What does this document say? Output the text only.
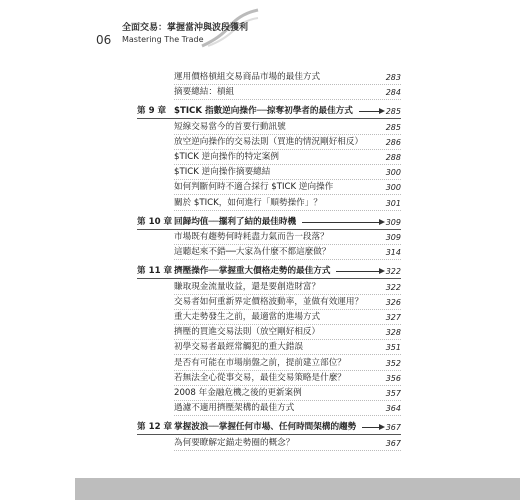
06
全面交易：掌握當沖與波段獲利
Mastering The Trade
運用價格槓組交易商品市場的最佳方式	283
摘要總結：槓組	284
第 9 章 $TICK 指數逆向操作──掠奪初學者的最佳方式	285
短線交易當今的首要行動訊號	285
放空逆向操作的交易法則（買進的情況剛好相反）	286
$TICK 逆向操作的特定案例	288
$TICK 逆向操作摘要總結	300
如何判斷何時不適合採行 $TICK 逆向操作	300
關於 $TICK，如何進行「順勢操作」？	301
第 10 章 回歸均值──擺利了結的最佳時機	309
市場既有趨勢何時耗盡力氣而告一段落？	309
這聽起來不錯──大家為什麼不都這麼做？	314
第 11 章 擠壓操作──掌握重大價格走勢的最佳方式	322
賺取現金流量收益，還是要創造財富？	322
交易者如何重新界定價格波動率，並做有效運用？	326
重大走勢發生之前，最適當的進場方式	327
擠壓的買進交易法則（放空剛好相反）	328
初學交易者最經常觸犯的重大錯誤	351
是否有可能在市場崩盤之前，提前建立部位？	352
若無法全心從事交易，最佳交易策略是什麼？	356
2008 年金融危機之後的更新案例	357
過濾不適用擠壓架構的最佳方式	364
第 12 章 掌握波浪──掌握任何市場、任何時間架構的趨勢	367
為何要瞭解定錨走勢圈的概念？	367
